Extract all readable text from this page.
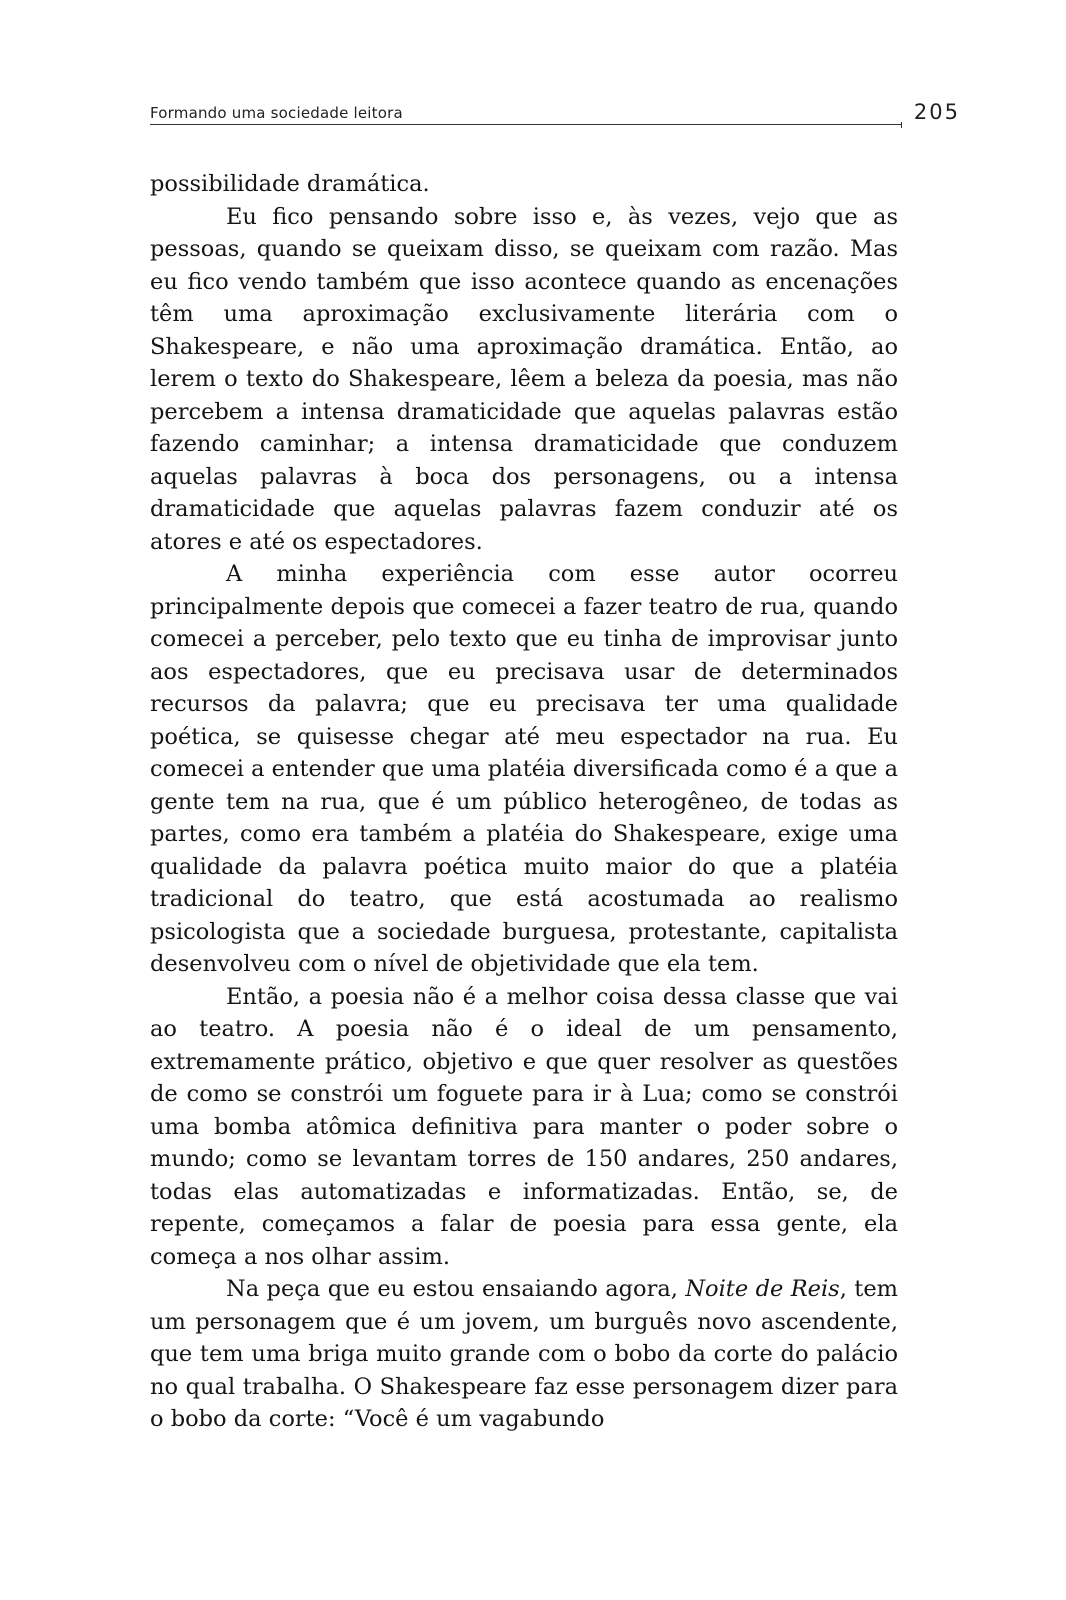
Formando uma sociedade leitora	205

possibilidade dramática.

Eu fico pensando sobre isso e, às vezes, vejo que as pessoas, quando se queixam disso, se queixam com razão. Mas eu fico vendo também que isso acontece quando as encenações têm uma aproximação exclusivamente literária com o Shakespeare, e não uma aproximação dramática. Então, ao lerem o texto do Shakespeare, lêem a beleza da poesia, mas não percebem a intensa dramaticidade que aquelas palavras estão fazendo caminhar; a intensa dramaticidade que conduzem aquelas palavras à boca dos personagens, ou a intensa dramaticidade que aquelas palavras fazem conduzir até os atores e até os espectadores.

A minha experiência com esse autor ocorreu principalmente depois que comecei a fazer teatro de rua, quando comecei a perceber, pelo texto que eu tinha de improvisar junto aos espectadores, que eu precisava usar de determinados recursos da palavra; que eu precisava ter uma qualidade poética, se quisesse chegar até meu espectador na rua. Eu comecei a entender que uma platéia diversificada como é a que a gente tem na rua, que é um público heterogêneo, de todas as partes, como era também a platéia do Shakespeare, exige uma qualidade da palavra poética muito maior do que a platéia tradicional do teatro, que está acostumada ao realismo psicologista que a sociedade burguesa, protestante, capitalista desenvolveu com o nível de objetividade que ela tem.

Então, a poesia não é a melhor coisa dessa classe que vai ao teatro. A poesia não é o ideal de um pensamento, extremamente prático, objetivo e que quer resolver as questões de como se constrói um foguete para ir à Lua; como se constrói uma bomba atômica definitiva para manter o poder sobre o mundo; como se levantam torres de 150 andares, 250 andares, todas elas automatizadas e informatizadas. Então, se, de repente, começamos a falar de poesia para essa gente, ela começa a nos olhar assim.

Na peça que eu estou ensaiando agora, Noite de Reis, tem um personagem que é um jovem, um burguês novo ascendente, que tem uma briga muito grande com o bobo da corte do palácio no qual trabalha. O Shakespeare faz esse personagem dizer para o bobo da corte: “Você é um vagabundo
